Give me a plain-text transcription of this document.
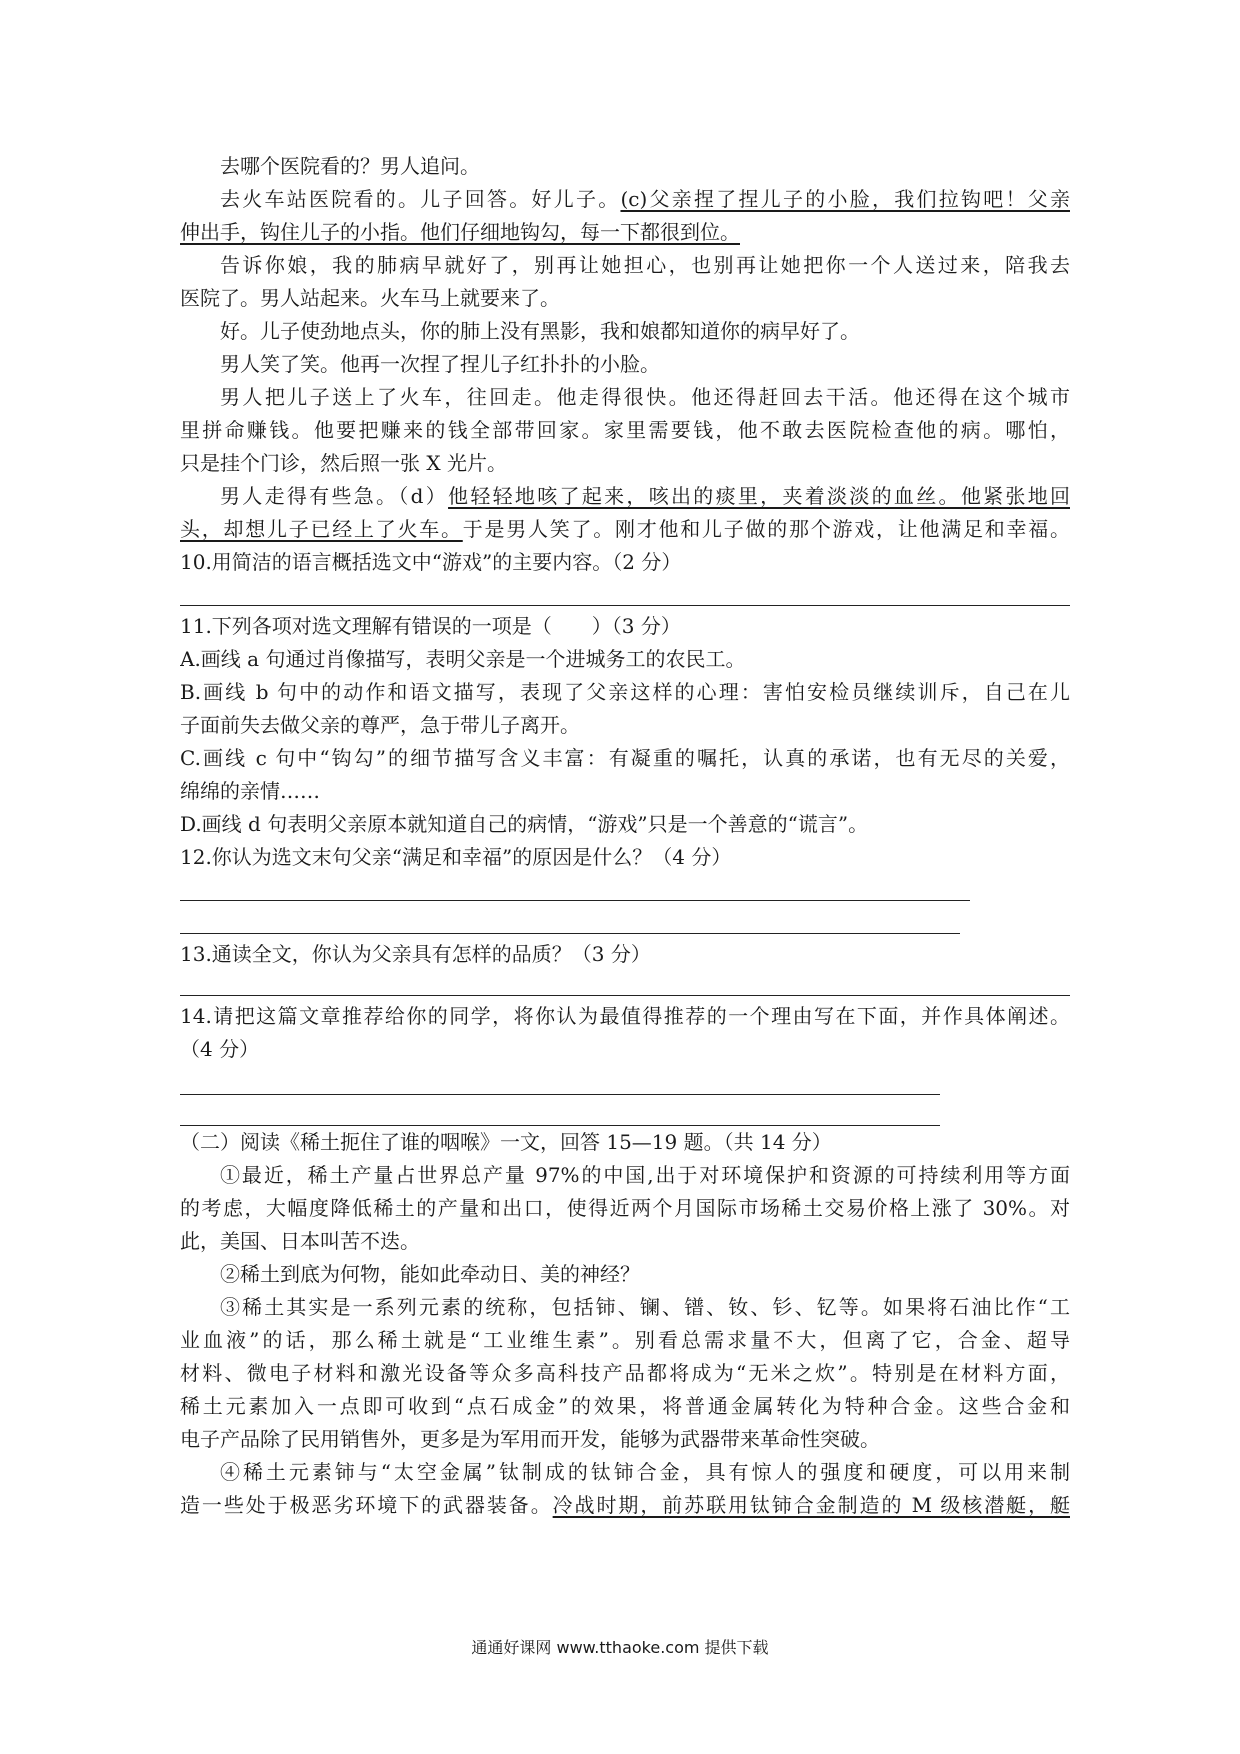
去哪个医院看的？男人追问。
去火车站医院看的。儿子回答。好儿子。(c)父亲捏了捏儿子的小脸，我们拉钩吧！父亲
伸出手，钩住儿子的小指。他们仔细地钩勾，每一下都很到位。
告诉你娘，我的肺病早就好了，别再让她担心，也别再让她把你一个人送过来，陪我去
医院了。男人站起来。火车马上就要来了。
好。儿子使劲地点头，你的肺上没有黑影，我和娘都知道你的病早好了。
男人笑了笑。他再一次捏了捏儿子红扑扑的小脸。
男人把儿子送上了火车，往回走。他走得很快。他还得赶回去干活。他还得在这个城市
里拼命赚钱。他要把赚来的钱全部带回家。家里需要钱，他不敢去医院检查他的病。哪怕，
只是挂个门诊，然后照一张 X 光片。
男人走得有些急。（d）他轻轻地咳了起来，咳出的痰里，夹着淡淡的血丝。他紧张地回
头，却想儿子已经上了火车。于是男人笑了。刚才他和儿子做的那个游戏，让他满足和幸福。
10.用简洁的语言概括选文中“游戏”的主要内容。（2 分）
11.下列各项对选文理解有错误的一项是（　　）（3 分）
A.画线 a 句通过肖像描写，表明父亲是一个进城务工的农民工。
B.画线 b 句中的动作和语文描写，表现了父亲这样的心理：害怕安检员继续训斥，自己在儿
子面前失去做父亲的尊严，急于带儿子离开。
C.画线 c 句中“钩勾”的细节描写含义丰富：有凝重的嘱托，认真的承诺，也有无尽的关爱，
绵绵的亲情……
D.画线 d 句表明父亲原本就知道自己的病情，“游戏”只是一个善意的“谎言”。
12.你认为选文末句父亲“满足和幸福”的原因是什么？（4 分）
13.通读全文，你认为父亲具有怎样的品质？（3 分）
14.请把这篇文章推荐给你的同学，将你认为最值得推荐的一个理由写在下面，并作具体阐述。
（4 分）
（二）阅读《稀土扼住了谁的咽喉》一文，回答 15—19 题。（共 14 分）
①最近，稀土产量占世界总产量 97%的中国,出于对环境保护和资源的可持续利用等方面
的考虑，大幅度降低稀土的产量和出口，使得近两个月国际市场稀土交易价格上涨了 30%。对
此，美国、日本叫苦不迭。
②稀土到底为何物，能如此牵动日、美的神经？
③稀土其实是一系列元素的统称，包括铈、镧、镨、钕、钐、钇等。如果将石油比作“工
业血液”的话，那么稀土就是“工业维生素”。别看总需求量不大，但离了它，合金、超导
材料、微电子材料和激光设备等众多高科技产品都将成为“无米之炊”。特别是在材料方面，
稀土元素加入一点即可收到“点石成金”的效果，将普通金属转化为特种合金。这些合金和
电子产品除了民用销售外，更多是为军用而开发，能够为武器带来革命性突破。
④稀土元素铈与“太空金属”钛制成的钛铈合金，具有惊人的强度和硬度，可以用来制
造一些处于极恶劣环境下的武器装备。冷战时期，前苏联用钛铈合金制造的 M 级核潜艇，艇
通通好课网 www.tthaoke.com 提供下载
